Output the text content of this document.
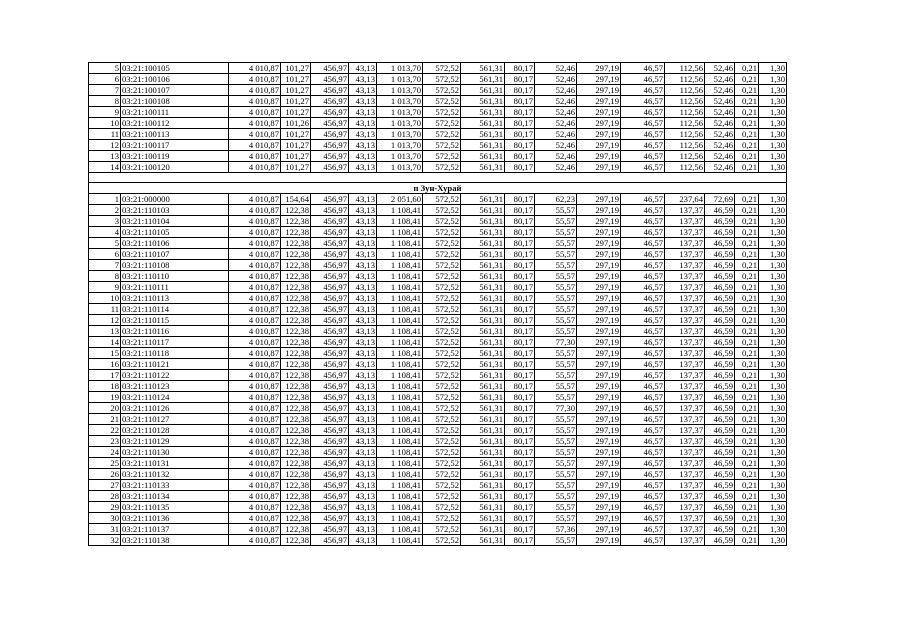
5	03:21:100105	4 010,87	101,27	456,97	43,13	1 013,70	572,52	561,31	80,17	52,46	297,19	46,57	112,56	52,46	0,21	1,30
6	03:21:100106	4 010,87	101,27	456,97	43,13	1 013,70	572,52	561,31	80,17	52,46	297,19	46,57	112,56	52,46	0,21	1,30
7	03:21:100107	4 010,87	101,27	456,97	43,13	1 013,70	572,52	561,31	80,17	52,46	297,19	46,57	112,56	52,46	0,21	1,30
8	03:21:100108	4 010,87	101,27	456,97	43,13	1 013,70	572,52	561,31	80,17	52,46	297,19	46,57	112,56	52,46	0,21	1,30
9	03:21:100111	4 010,87	101,27	456,97	43,13	1 013,70	572,52	561,31	80,17	52,46	297,19	46,57	112,56	52,46	0,21	1,30
10	03:21:100112	4 010,87	101,26	456,97	43,13	1 013,70	572,52	561,31	80,17	52,46	297,19	46,57	112,56	52,46	0,21	1,30
11	03:21:100113	4 010,87	101,27	456,97	43,13	1 013,70	572,52	561,31	80,17	52,46	297,19	46,57	112,56	52,46	0,21	1,30
12	03:21:100117	4 010,87	101,27	456,97	43,13	1 013,70	572,52	561,31	80,17	52,46	297,19	46,57	112,56	52,46	0,21	1,30
13	03:21:100119	4 010,87	101,27	456,97	43,13	1 013,70	572,52	561,31	80,17	52,46	297,19	46,57	112,56	52,46	0,21	1,30
14	03:21:100120	4 010,87	101,27	456,97	43,13	1 013,70	572,52	561,31	80,17	52,46	297,19	46,57	112,56	52,46	0,21	1,30

п Зун-Хурай																
1	03:21:000000	4 010,87	154,64	456,97	43,13	2 051,60	572,52	561,31	80,17	62,23	297,19	46,57	237,64	72,69	0,21	1,30
2	03:21:110103	4 010,87	122,38	456,97	43,13	1 108,41	572,52	561,31	80,17	55,57	297,19	46,57	137,37	46,59	0,21	1,30
3	03:21:110104	4 010,87	122,38	456,97	43,13	1 108,41	572,52	561,31	80,17	55,57	297,19	46,57	137,37	46,59	0,21	1,30
4	03:21:110105	4 010,87	122,38	456,97	43,13	1 108,41	572,52	561,31	80,17	55,57	297,19	46,57	137,37	46,59	0,21	1,30
5	03:21:110106	4 010,87	122,38	456,97	43,13	1 108,41	572,52	561,31	80,17	55,57	297,19	46,57	137,37	46,59	0,21	1,30
6	03:21:110107	4 010,87	122,38	456,97	43,13	1 108,41	572,52	561,31	80,17	55,57	297,19	46,57	137,37	46,59	0,21	1,30
7	03:21:110108	4 010,87	122,38	456,97	43,13	1 108,41	572,52	561,31	80,17	55,57	297,19	46,57	137,37	46,59	0,21	1,30
8	03:21:110110	4 010,87	122,38	456,97	43,13	1 108,41	572,52	561,31	80,17	55,57	297,19	46,57	137,37	46,59	0,21	1,30
9	03:21:110111	4 010,87	122,38	456,97	43,13	1 108,41	572,52	561,31	80,17	55,57	297,19	46,57	137,37	46,59	0,21	1,30
10	03:21:110113	4 010,87	122,38	456,97	43,13	1 108,41	572,52	561,31	80,17	55,57	297,19	46,57	137,37	46,59	0,21	1,30
11	03:21:110114	4 010,87	122,38	456,97	43,13	1 108,41	572,52	561,31	80,17	55,57	297,19	46,57	137,37	46,59	0,21	1,30
12	03:21:110115	4 010,87	122,38	456,97	43,13	1 108,41	572,52	561,31	80,17	55,57	297,19	46,57	137,37	46,59	0,21	1,30
13	03:21:110116	4 010,87	122,38	456,97	43,13	1 108,41	572,52	561,31	80,17	55,57	297,19	46,57	137,37	46,59	0,21	1,30
14	03:21:110117	4 010,87	122,38	456,97	43,13	1 108,41	572,52	561,31	80,17	77,30	297,19	46,57	137,37	46,59	0,21	1,30
15	03:21:110118	4 010,87	122,38	456,97	43,13	1 108,41	572,52	561,31	80,17	55,57	297,19	46,57	137,37	46,59	0,21	1,30
16	03:21:110121	4 010,87	122,38	456,97	43,13	1 108,41	572,52	561,31	80,17	55,57	297,19	46,57	137,37	46,59	0,21	1,30
17	03:21:110122	4 010,87	122,38	456,97	43,13	1 108,41	572,52	561,31	80,17	55,57	297,19	46,57	137,37	46,59	0,21	1,30
18	03:21:110123	4 010,87	122,38	456,97	43,13	1 108,41	572,52	561,31	80,17	55,57	297,19	46,57	137,37	46,59	0,21	1,30
19	03:21:110124	4 010,87	122,38	456,97	43,13	1 108,41	572,52	561,31	80,17	55,57	297,19	46,57	137,37	46,59	0,21	1,30
20	03:21:110126	4 010,87	122,38	456,97	43,13	1 108,41	572,52	561,31	80,17	77,30	297,19	46,57	137,37	46,59	0,21	1,30
21	03:21:110127	4 010,87	122,38	456,97	43,13	1 108,41	572,52	561,31	80,17	55,57	297,19	46,57	137,37	46,59	0,21	1,30
22	03:21:110128	4 010,87	122,38	456,97	43,13	1 108,41	572,52	561,31	80,17	55,57	297,19	46,57	137,37	46,59	0,21	1,30
23	03:21:110129	4 010,87	122,38	456,97	43,13	1 108,41	572,52	561,31	80,17	55,57	297,19	46,57	137,37	46,59	0,21	1,30
24	03:21:110130	4 010,87	122,38	456,97	43,13	1 108,41	572,52	561,31	80,17	55,57	297,19	46,57	137,37	46,59	0,21	1,30
25	03:21:110131	4 010,87	122,38	456,97	43,13	1 108,41	572,52	561,31	80,17	55,57	297,19	46,57	137,37	46,59	0,21	1,30
26	03:21:110132	4 010,87	122,38	456,97	43,13	1 108,41	572,52	561,31	80,17	55,57	297,19	46,57	137,37	46,59	0,21	1,30
27	03:21:110133	4 010,87	122,38	456,97	43,13	1 108,41	572,52	561,31	80,17	55,57	297,19	46,57	137,37	46,59	0,21	1,30
28	03:21:110134	4 010,87	122,38	456,97	43,13	1 108,41	572,52	561,31	80,17	55,57	297,19	46,57	137,37	46,59	0,21	1,30
29	03:21:110135	4 010,87	122,38	456,97	43,13	1 108,41	572,52	561,31	80,17	55,57	297,19	46,57	137,37	46,59	0,21	1,30
30	03:21:110136	4 010,87	122,38	456,97	43,13	1 108,41	572,52	561,31	80,17	55,57	297,19	46,57	137,37	46,59	0,21	1,30
31	03:21:110137	4 010,87	122,38	456,97	43,13	1 108,41	572,52	561,31	80,17	57,36	297,19	46,57	137,37	46,59	0,21	1,30
32	03:21:110138	4 010,87	122,38	456,97	43,13	1 108,41	572,52	561,31	80,17	55,57	297,19	46,57	137,37	46,59	0,21	1,30
